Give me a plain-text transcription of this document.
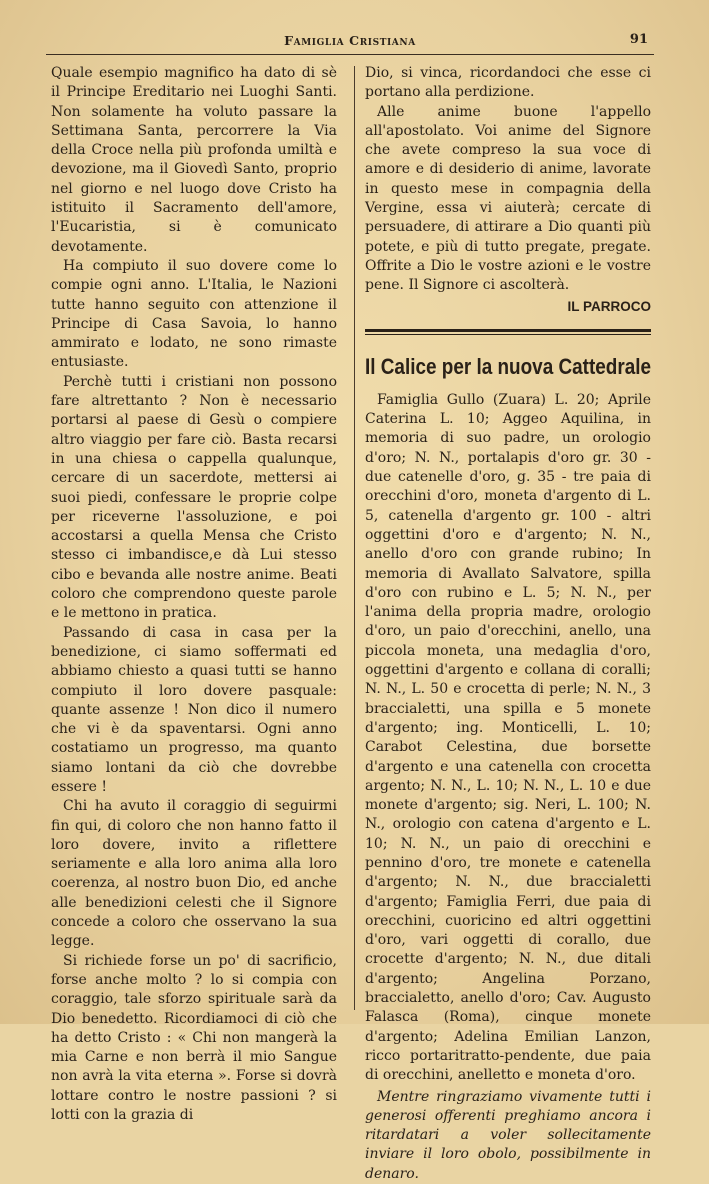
Famiglia Cristiana	91

Quale esempio magnifico ha dato di sè il Principe Ereditario nei Luoghi Santi. Non solamente ha voluto passare la Settimana Santa, percorrere la Via della Croce nella più profonda umiltà e devozione, ma il Giovedì Santo, proprio nel giorno e nel luogo dove Cristo ha istituito il Sacramento dell'amore, l'Eucaristia, si è comunicato devotamente.

Ha compiuto il suo dovere come lo compie ogni anno. L'Italia, le Nazioni tutte hanno seguito con attenzione il Principe di Casa Savoia, lo hanno ammirato e lodato, ne sono rimaste entusiaste.

Perchè tutti i cristiani non possono fare altrettanto ? Non è necessario portarsi al paese di Gesù o compiere altro viaggio per fare ciò. Basta recarsi in una chiesa o cappella qualunque, cercare di un sacerdote, mettersi ai suoi piedi, confessare le proprie colpe per riceverne l'assoluzione, e poi accostarsi a quella Mensa che Cristo stesso ci imbandisce,e dà Lui stesso cibo e bevanda alle nostre anime. Beati coloro che comprendono queste parole e le mettono in pratica.

Passando di casa in casa per la benedizione, ci siamo soffermati ed abbiamo chiesto a quasi tutti se hanno compiuto il loro dovere pasquale: quante assenze ! Non dico il numero che vi è da spaventarsi. Ogni anno costatiamo un progresso, ma quanto siamo lontani da ciò che dovrebbe essere !

Chi ha avuto il coraggio di seguirmi fin qui, di coloro che non hanno fatto il loro dovere, invito a riflettere seriamente e alla loro anima alla loro coerenza, al nostro buon Dio, ed anche alle benedizioni celesti che il Signore concede a coloro che osservano la sua legge.

Si richiede forse un po' di sacrificio, forse anche molto ? lo si compia con coraggio, tale sforzo spirituale sarà da Dio benedetto. Ricordiamoci di ciò che ha detto Cristo : « Chi non mangerà la mia Carne e non berrà il mio Sangue non avrà la vita eterna ». Forse si dovrà lottare contro le nostre passioni ? si lotti con la grazia di

Dio, si vinca, ricordandoci che esse ci portano alla perdizione.

Alle anime buone l'appello all'apostolato. Voi anime del Signore che avete compreso la sua voce di amore e di desiderio di anime, lavorate in questo mese in compagnia della Vergine, essa vi aiuterà; cercate di persuadere, di attirare a Dio quanti più potete, e più di tutto pregate, pregate. Offrite a Dio le vostre azioni e le vostre pene. Il Signore ci ascolterà.

IL PARROCO

Il Calice per la nuova Cattedrale

Famiglia Gullo (Zuara) L. 20; Aprile Caterina L. 10; Aggeo Aquilina, in memoria di suo padre, un orologio d'oro; N. N., portalapis d'oro gr. 30 - due catenelle d'oro, g. 35 - tre paia di orecchini d'oro, moneta d'argento di L. 5, catenella d'argento gr. 100 - altri oggettini d'oro e d'argento; N. N., anello d'oro con grande rubino; In memoria di Avallato Salvatore, spilla d'oro con rubino e L. 5; N. N., per l'anima della propria madre, orologio d'oro, un paio d'orecchini, anello, una piccola moneta, una medaglia d'oro, oggettini d'argento e collana di coralli; N. N., L. 50 e crocetta di perle; N. N., 3 braccialetti, una spilla e 5 monete d'argento; ing. Monticelli, L. 10; Carabot Celestina, due borsette d'argento e una catenella con crocetta argento; N. N., L. 10; N. N., L. 10 e due monete d'argento; sig. Neri, L. 100; N. N., orologio con catena d'argento e L. 10; N. N., un paio di orecchini e pennino d'oro, tre monete e catenella d'argento; N. N., due braccialetti d'argento; Famiglia Ferri, due paia di orecchini, cuoricino ed altri oggettini d'oro, vari oggetti di corallo, due crocette d'argento; N. N., due ditali d'argento; Angelina Porzano, braccialetto, anello d'oro; Cav. Augusto Falasca (Roma), cinque monete d'argento; Adelina Emilian Lanzon, ricco portaritratto-pendente, due paia di orecchini, anelletto e moneta d'oro.

Mentre ringraziamo vivamente tutti i generosi offerenti preghiamo ancora i ritardatari a voler sollecitamente inviare il loro obolo, possibilmente in denaro.
